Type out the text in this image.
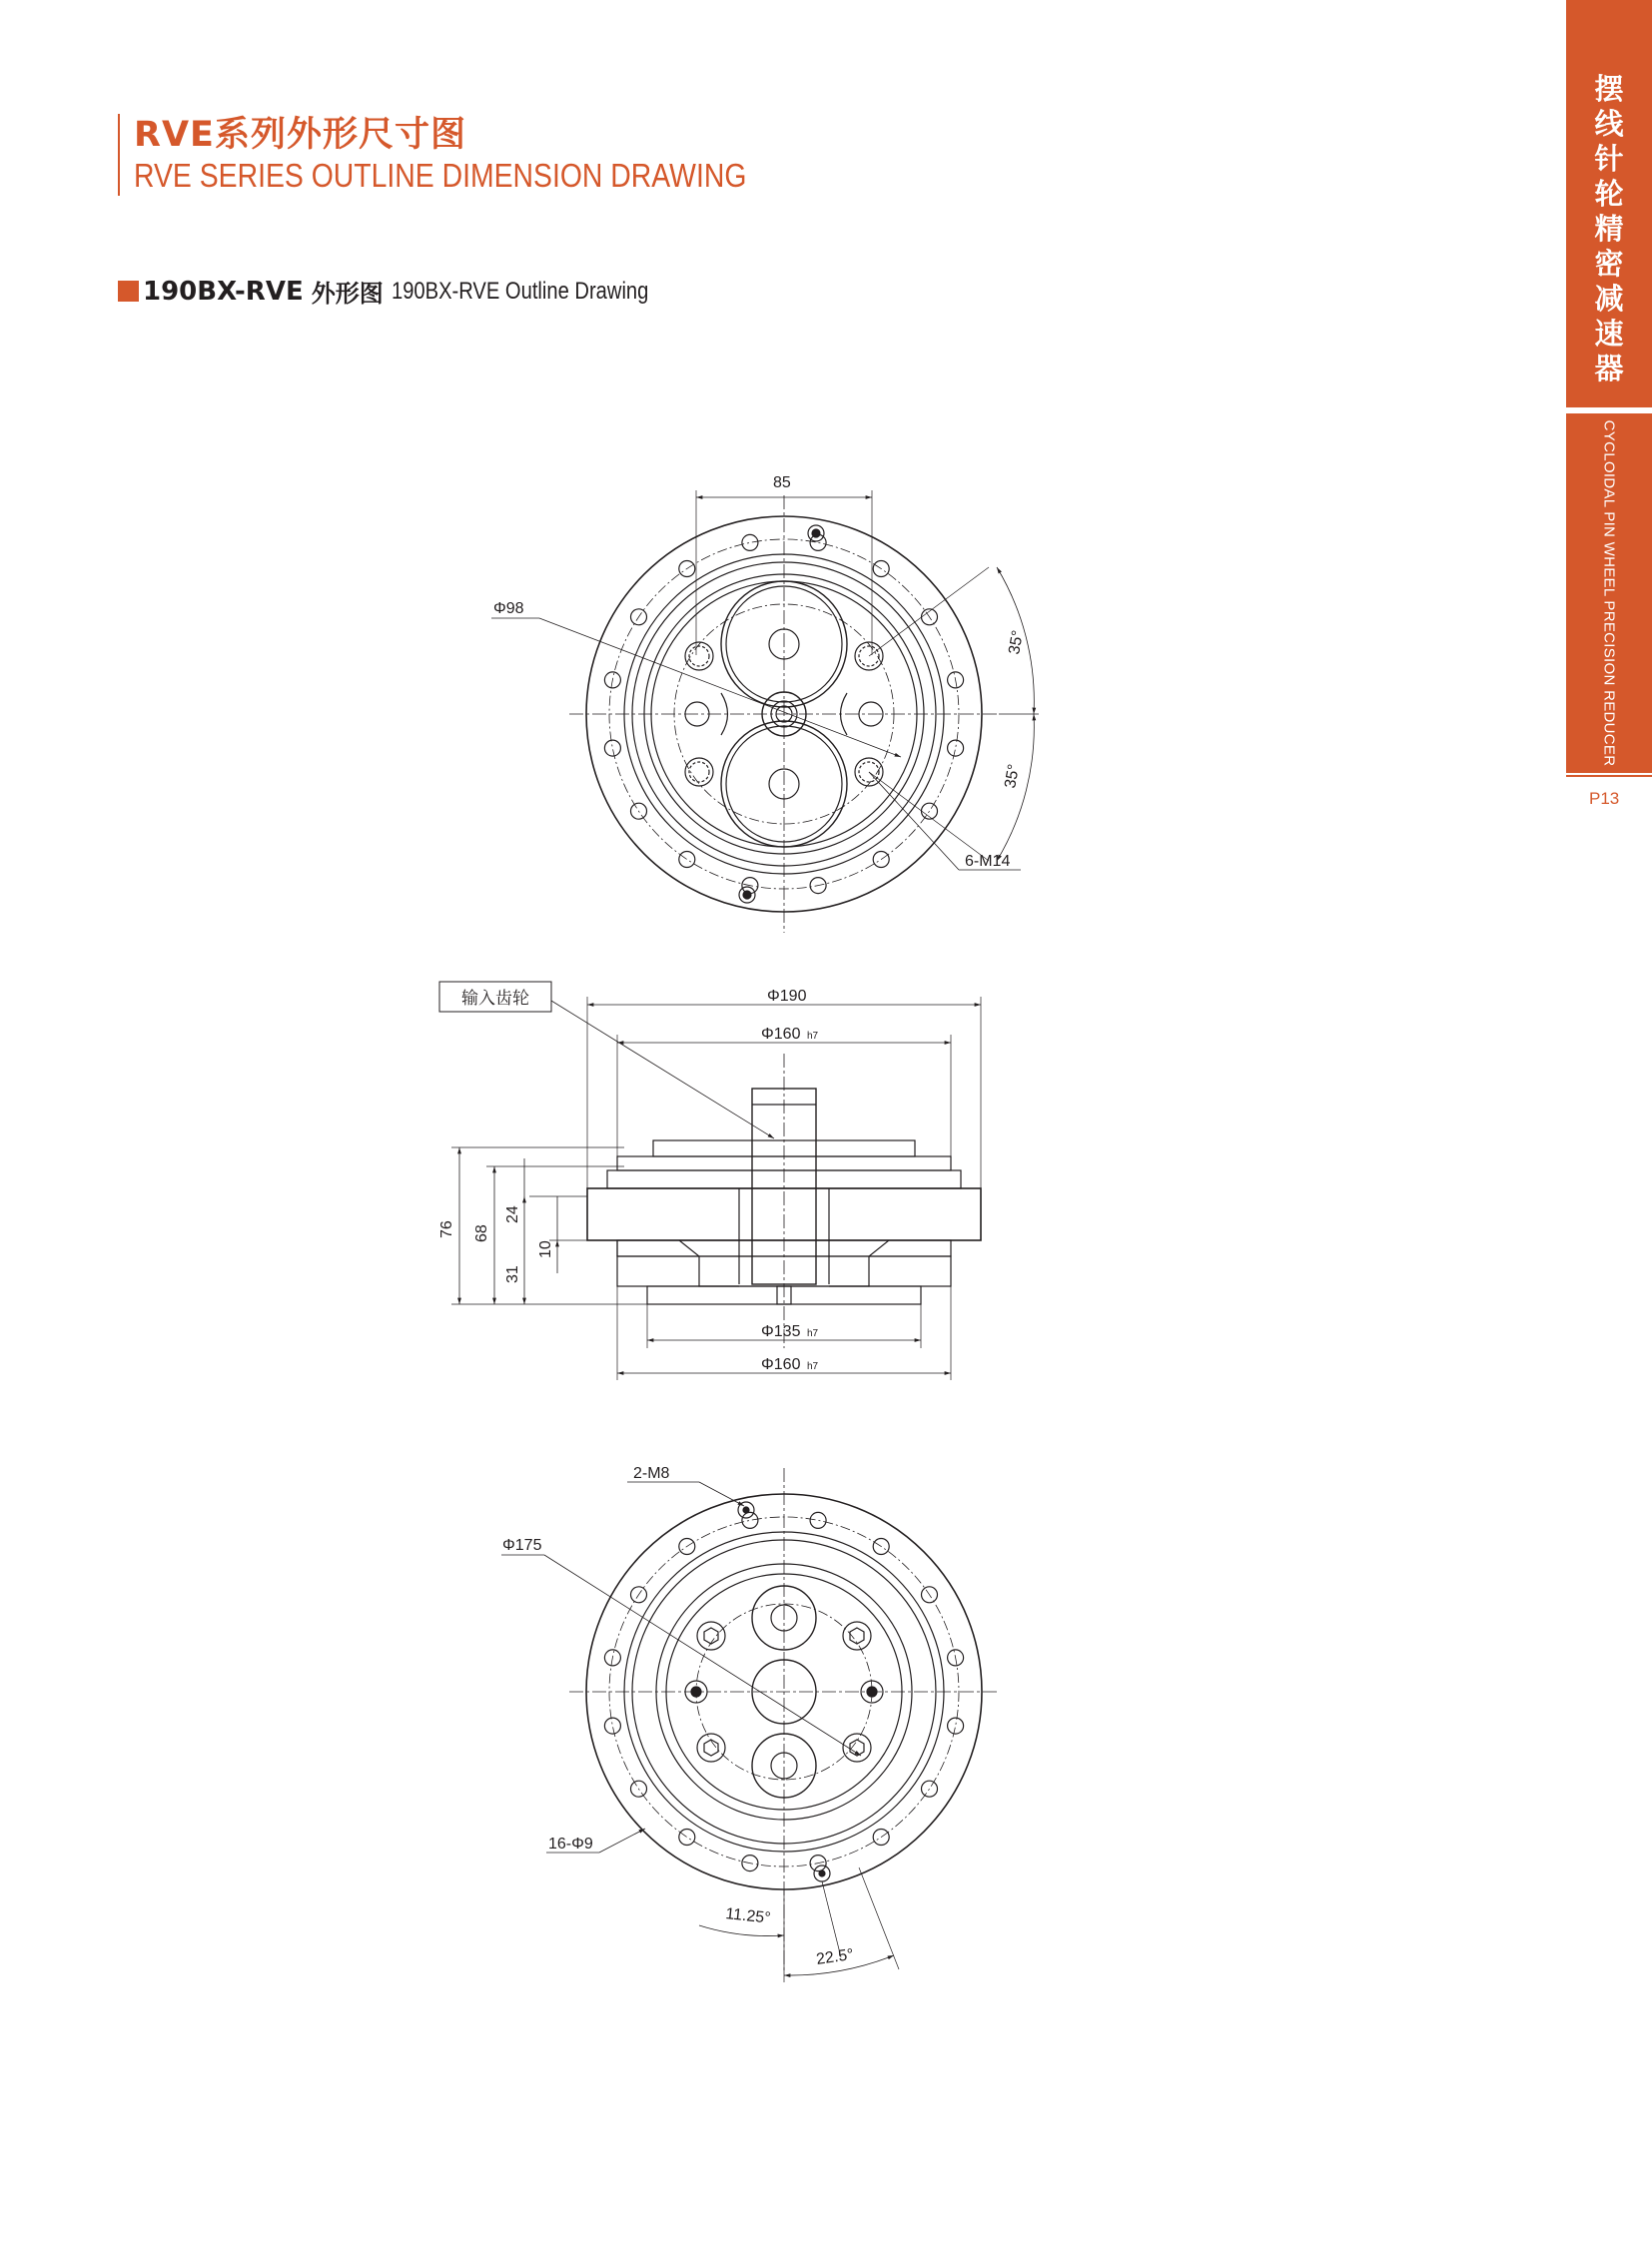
RVE系列外形尺寸图
RVE SERIES OUTLINE DIMENSION DRAWING
190BX-RVE 外形图 190BX-RVE Outline Drawing
摆
线
针
轮
精
密
减
速
器
CYCLOIDAL PIN WHEEL PRECISION REDUCER
P13
85
Φ98
35°
35°
6-M14
输入齿轮	Φ190
Φ160 h7
Φ135 h7
Φ160 h7
76 68
31
24
10
2-M8
Φ175
16-Φ9
11.25°
22.5°
